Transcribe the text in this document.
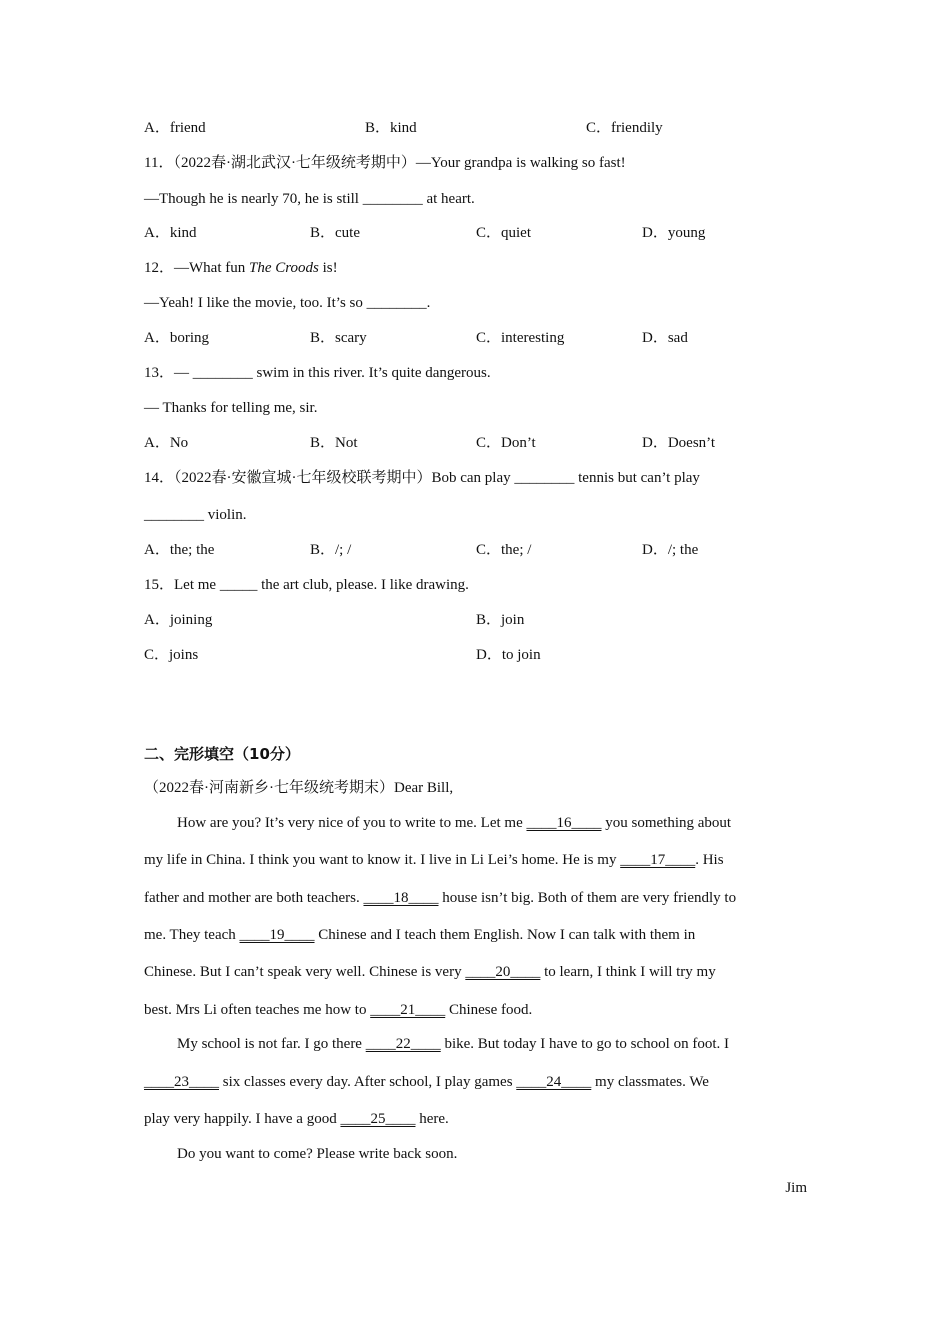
A．friend	B．kind	C．friendily
11．（2022春·湖北武汉·七年级统考期中）—Your grandpa is walking so fast!
—Though he is nearly 70, he is still ________ at heart.
A．kind	B．cute	C．quiet	D．young
12．—What fun The Croods is!
—Yeah! I like the movie, too. It’s so ________.
A．boring	B．scary	C．interesting	D．sad
13．— ________ swim in this river. It’s quite dangerous.
— Thanks for telling me, sir.
A．No	B．Not	C．Don’t	D．Doesn’t
14．（2022春·安徽宣城·七年级校联考期中）Bob can play ________ tennis but can’t play
________ violin.
A．the; the	B．/; /	C．the; /	D．/; the
15．Let me _____ the art club, please. I like drawing.
A．joining	B．join
C．joins	D．to join
二、完形填空（10分）
（2022春·河南新乡·七年级统考期末）Dear Bill,
How are you? It’s very nice of you to write to me. Let me ____16____ you something about
my life in China. I think you want to know it. I live in Li Lei’s home. He is my ____17____. His
father and mother are both teachers. ____18____ house isn’t big. Both of them are very friendly to
me. They teach ____19____ Chinese and I teach them English. Now I can talk with them in
Chinese. But I can’t speak very well. Chinese is very ____20____ to learn, I think I will try my
best. Mrs Li often teaches me how to ____21____ Chinese food.
My school is not far. I go there ____22____ bike. But today I have to go to school on foot. I
____23____ six classes every day. After school, I play games ____24____ my classmates. We
play very happily. I have a good ____25____ here.
Do you want to come? Please write back soon.
Jim
